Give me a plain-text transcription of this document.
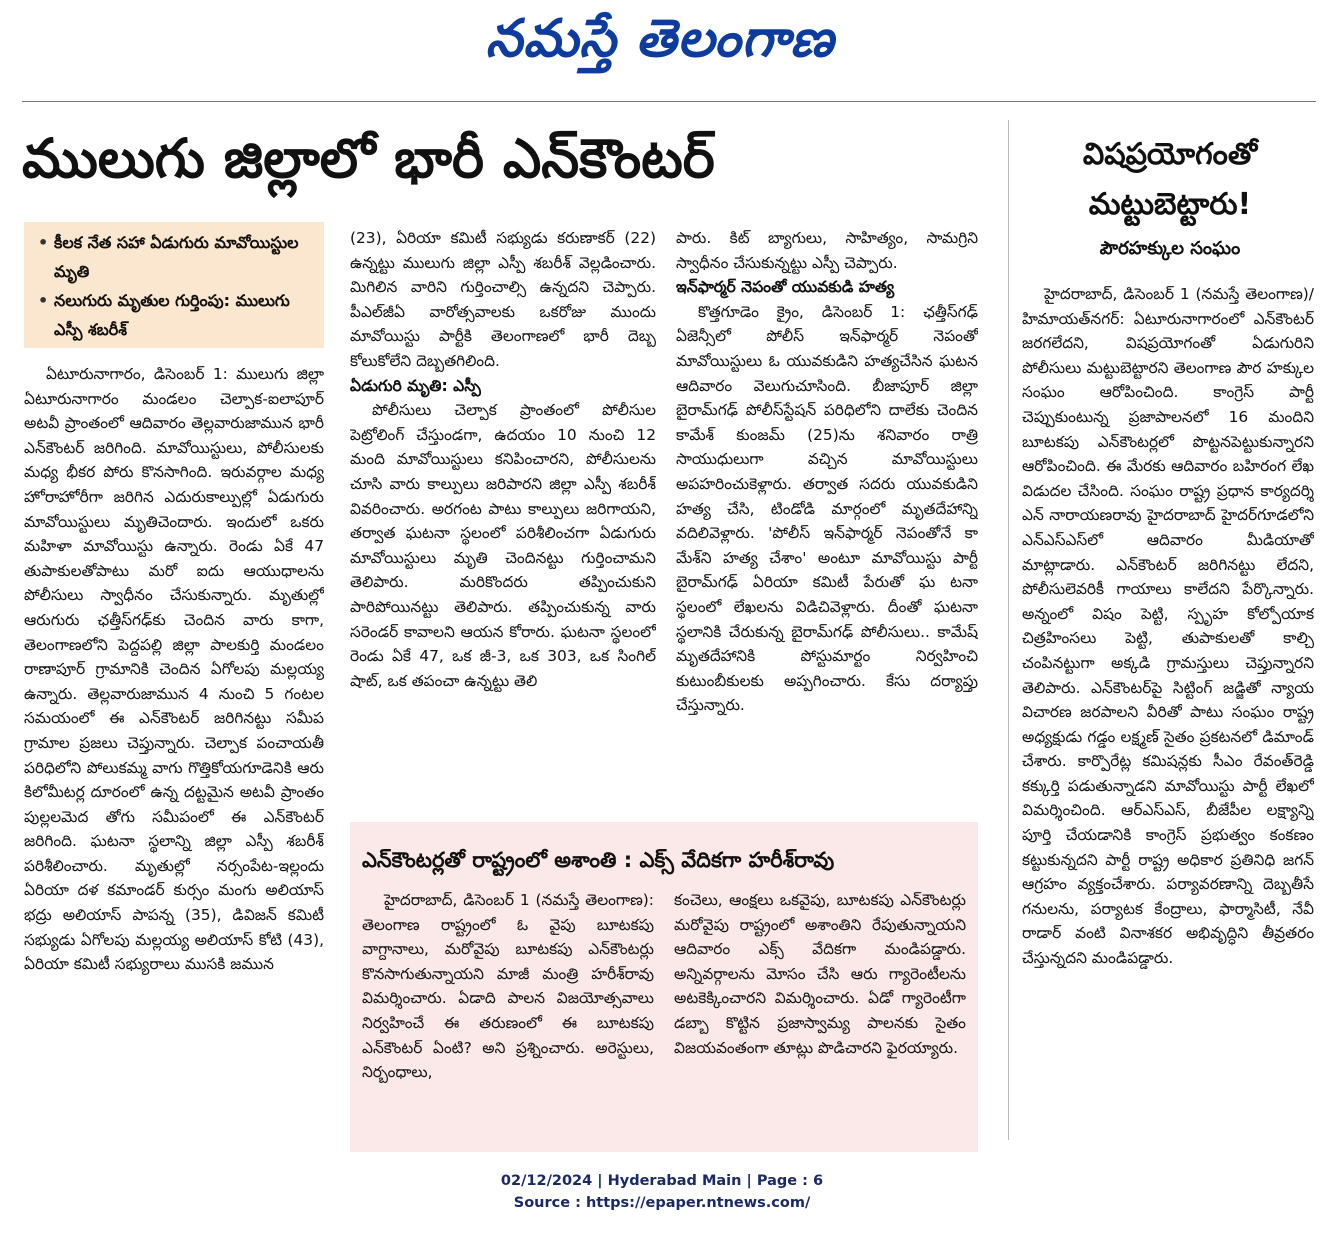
నమస్తే తెలంగాణ
ములుగు జిల్లాలో భారీ ఎన్‌కౌంటర్
• కీలక నేత సహా ఏడుగురు మావోయిస్టుల మృతి
• నలుగురు మృతుల గుర్తింపు: ములుగు ఎస్పీ శబరీశ్

ఏటూరునాగారం, డిసెంబర్ 1: ములుగు జిల్లా ఏటూరునాగారం మండలం చెల్పాక-ఐలాపూర్ అటవీ ప్రాంతంలో ఆదివారం తెల్లవారుజామున భారీ ఎన్‌కౌంటర్ జరిగింది. మావోయిస్టులు, పోలీసులకు మధ్య భీకర పోరు కొనసాగింది. ఇరువర్గాల మధ్య హోరాహోరీగా జరిగిన ఎదురుకాల్పుల్లో ఏడుగురు మావోయిస్టులు మృతిచెందారు. ఇందులో ఒకరు మహిళా మావోయిస్టు ఉన్నారు. రెండు ఏకే 47 తుపాకులతోపాటు మరో ఐదు ఆయుధాలను పోలీసులు స్వాధీనం చేసుకున్నారు. మృతుల్లో ఆరుగురు ఛత్తీస్‌గఢ్‌కు చెందిన వారు కాగా, తెలంగాణలోని పెద్దపల్లి జిల్లా పాలకుర్తి మండలం రాణాపూర్ గ్రామానికి చెందిన ఏగోలపు మల్లయ్య ఉన్నారు. తెల్లవారుజామున 4 నుంచి 5 గంటల సమయంలో ఈ ఎన్‌కౌంటర్ జరిగినట్టు సమీప గ్రామాల ప్రజలు చెప్తున్నారు. చెల్పాక పంచాయతీ పరిధిలోని పోలుకమ్మ వాగు గొత్తికోయగూడెనికి ఆరు కిలోమీటర్ల దూరంలో ఉన్న దట్టమైన అటవీ ప్రాంతం పుల్లలమెద తోగు సమీపంలో ఈ ఎన్‌కౌంటర్ జరిగింది. ఘటనా స్థలాన్ని జిల్లా ఎస్పీ శబరీశ్ పరిశీలించారు. మృతుల్లో నర్సంపేట-ఇల్లందు ఏరియా దళ కమాండర్ కుర్సం మంగు అలియాస్ భద్రు అలియాస్ పాపన్న (35), డివిజన్ కమిటీ సభ్యుడు ఏగోలపు మల్లయ్య అలియాస్ కోటి (43), ఏరియా కమిటీ సభ్యురాలు ముసకి జమున

(23), ఏరియా కమిటీ సభ్యుడు కరుణాకర్ (22) ఉన్నట్టు ములుగు జిల్లా ఎస్పీ శబరీశ్ వెల్లడించారు. మిగిలిన వారిని గుర్తించాల్సి ఉన్నదని చెప్పారు. పీఎల్‌జీఏ వారోత్సవాలకు ఒకరోజు ముందు మావోయిస్టు పార్టీకి తెలంగాణలో భారీ దెబ్బ కోలుకోలేని దెబ్బతగిలింది.

ఏడుగురి మృతి: ఎస్పీ

పోలీసులు చెల్పాక ప్రాంతంలో పోలీసుల పెట్రోలింగ్ చేస్తుండగా, ఉదయం 10 నుంచి 12 మంది మావోయిస్టులు కనిపించారని, పోలీసులను చూసి వారు కాల్పులు జరిపారని జిల్లా ఎస్పీ శబరీశ్ వివరించారు. అరగంట పాటు కాల్పులు జరిగాయని, తర్వాత ఘటనా స్థలంలో పరిశీలించగా ఏడుగురు మావోయిస్టులు మృతి చెందినట్టు గుర్తించామని తెలిపారు. మరికొందరు తప్పించుకుని పారిపోయినట్టు తెలిపారు. తప్పించుకున్న వారు సరెండర్ కావాలని ఆయన కోరారు. ఘటనా స్థలంలో రెండు ఏకే 47, ఒక జీ-3, ఒక 303, ఒక సింగిల్ షాట్, ఒక తపంచా ఉన్నట్టు తెలి

పారు. కిట్ బ్యాగులు, సాహిత్యం, సామగ్రిని స్వాధీనం చేసుకున్నట్టు ఎస్పీ చెప్పారు.

ఇన్‌ఫార్మర్ నెపంతో యువకుడి హత్య

కొత్తగూడెం క్రైం, డిసెంబర్ 1: ఛత్తీస్‌గఢ్ ఏజెన్సీలో పోలీస్ ఇన్‌ఫార్మర్ నెపంతో మావోయిస్టులు ఓ యువకుడిని హత్యచేసిన ఘటన ఆదివారం వెలుగుచూసింది. బీజాపూర్ జిల్లా బైరామ్‌గఢ్ పోలీస్‌స్టేషన్ పరిధిలోని దాలేకు చెందిన కామేశ్ కుంజమ్ (25)ను శనివారం రాత్రి సాయుధులుగా వచ్చిన మావోయిస్టులు అపహరించుకెళ్లారు. తర్వాత సదరు యువకుడిని హత్య చేసి, టిండోడి మార్గంలో మృతదేహాన్ని వదిలివెళ్లారు. 'పోలీస్ ఇన్‌ఫార్మర్ నెపంతోనే కా మేశ్‌ని హత్య చేశాం' అంటూ మావోయిస్టు పార్టీ బైరామ్‌గఢ్ ఏరియా కమిటీ పేరుతో ఘ టనా స్థలంలో లేఖలను విడిచివెళ్లారు. దీంతో ఘటనా స్థలానికి చేరుకున్న బైరామ్‌గఢ్ పోలీసులు.. కామేష్ మృతదేహానికి పోస్టుమార్టం నిర్వహించి కుటుంబీకులకు అప్పగించారు. కేసు దర్యాప్తు చేస్తున్నారు.

ఎన్‌కౌంటర్లతో రాష్ట్రంలో అశాంతి : ఎక్స్ వేదికగా హరీశ్‌రావు

హైదరాబాద్, డిసెంబర్ 1 (నమస్తే తెలంగాణ): తెలంగాణ రాష్ట్రంలో ఓ వైపు బూటకపు వాగ్దానాలు, మరోవైపు బూటకపు ఎన్‌కౌంటర్లు కొనసాగుతున్నాయని మాజీ మంత్రి హరీశ్‌రావు విమర్శించారు. ఏడాది పాలన విజయోత్సవాలు నిర్వహించే ఈ తరుణంలో ఈ బూటకపు ఎన్‌కౌంటర్ ఏంటి? అని ప్రశ్నించారు. అరెస్టులు, నిర్బంధాలు,

కంచెలు, ఆంక్షలు ఒకవైపు, బూటకపు ఎన్‌కౌంటర్లు మరోవైపు రాష్ట్రంలో అశాంతిని రేపుతున్నాయని ఆదివారం ఎక్స్ వేదికగా మండిపడ్డారు. అన్నివర్గాలను మోసం చేసి ఆరు గ్యారెంటీలను అటకెక్కించారని విమర్శించారు. ఏడో గ్యారెంటీగా డబ్బా కొట్టిన ప్రజాస్వామ్య పాలనకు సైతం విజయవంతంగా తూట్లు పొడిచారని ఫైరయ్యారు.

విషప్రయోగంతో
మట్టుబెట్టారు!
పౌరహక్కుల సంఘం

హైదరాబాద్, డిసెంబర్ 1 (నమస్తే తెలంగాణ)/హిమాయత్‌నగర్: ఏటూరునాగారంలో ఎన్‌కౌంటర్ జరగలేదని, విషప్రయోగంతో ఏడుగురిని పోలీసులు మట్టుబెట్టారని తెలంగాణ పౌర హక్కుల సంఘం ఆరోపించింది. కాంగ్రెస్ పార్టీ చెప్పుకుంటున్న ప్రజాపాలనలో 16 మందిని బూటకపు ఎన్‌కౌంటర్లలో పొట్టనపెట్టుకున్నారని ఆరోపించింది. ఈ మేరకు ఆదివారం బహిరంగ లేఖ విడుదల చేసింది. సంఘం రాష్ట్ర ప్రధాన కార్యదర్శి ఎన్ నారాయణరావు హైదరాబాద్ హైదర్‌గూడలోని ఎన్‌ఎస్‌ఎస్‌లో ఆదివారం మీడియాతో మాట్లాడారు. ఎన్‌కౌంటర్ జరిగినట్టు లేదని, పోలీసులెవరికీ గాయాలు కాలేదని పేర్కొన్నారు. అన్నంలో విషం పెట్టి, స్పృహ కోల్పోయాక చిత్రహింసలు పెట్టి, తుపాకులతో కాల్చి చంపినట్టుగా అక్కడి గ్రామస్తులు చెప్తున్నారని తెలిపారు. ఎన్‌కౌంటర్‌పై సిట్టింగ్ జడ్జితో న్యాయ విచారణ జరపాలని వీరితో పాటు సంఘం రాష్ట్ర అధ్యక్షుడు గడ్డం లక్ష్మణ్ సైతం ప్రకటనలో డిమాండ్ చేశారు. కార్పొరేట్ల కమిషన్లకు సీఎం రేవంత్‌రెడ్డి కక్కుర్తి పడుతున్నాడని మావోయిస్టు పార్టీ లేఖలో విమర్శించింది. ఆర్‌ఎస్‌ఎస్, బీజేపీల లక్ష్యాన్ని పూర్తి చేయడానికి కాంగ్రెస్ ప్రభుత్వం కంకణం కట్టుకున్నదని పార్టీ రాష్ట్ర అధికార ప్రతినిధి జగన్ ఆగ్రహం వ్యక్తంచేశారు. పర్యావరణాన్ని దెబ్బతీసే గనులను, పర్యాటక కేంద్రాలు, ఫార్మాసిటీ, నేవీ రాడార్ వంటి వినాశకర అభివృద్ధిని తీవ్రతరం చేస్తున్నదని మండిపడ్డారు.

02/12/2024 | Hyderabad Main | Page : 6
Source : https://epaper.ntnews.com/
